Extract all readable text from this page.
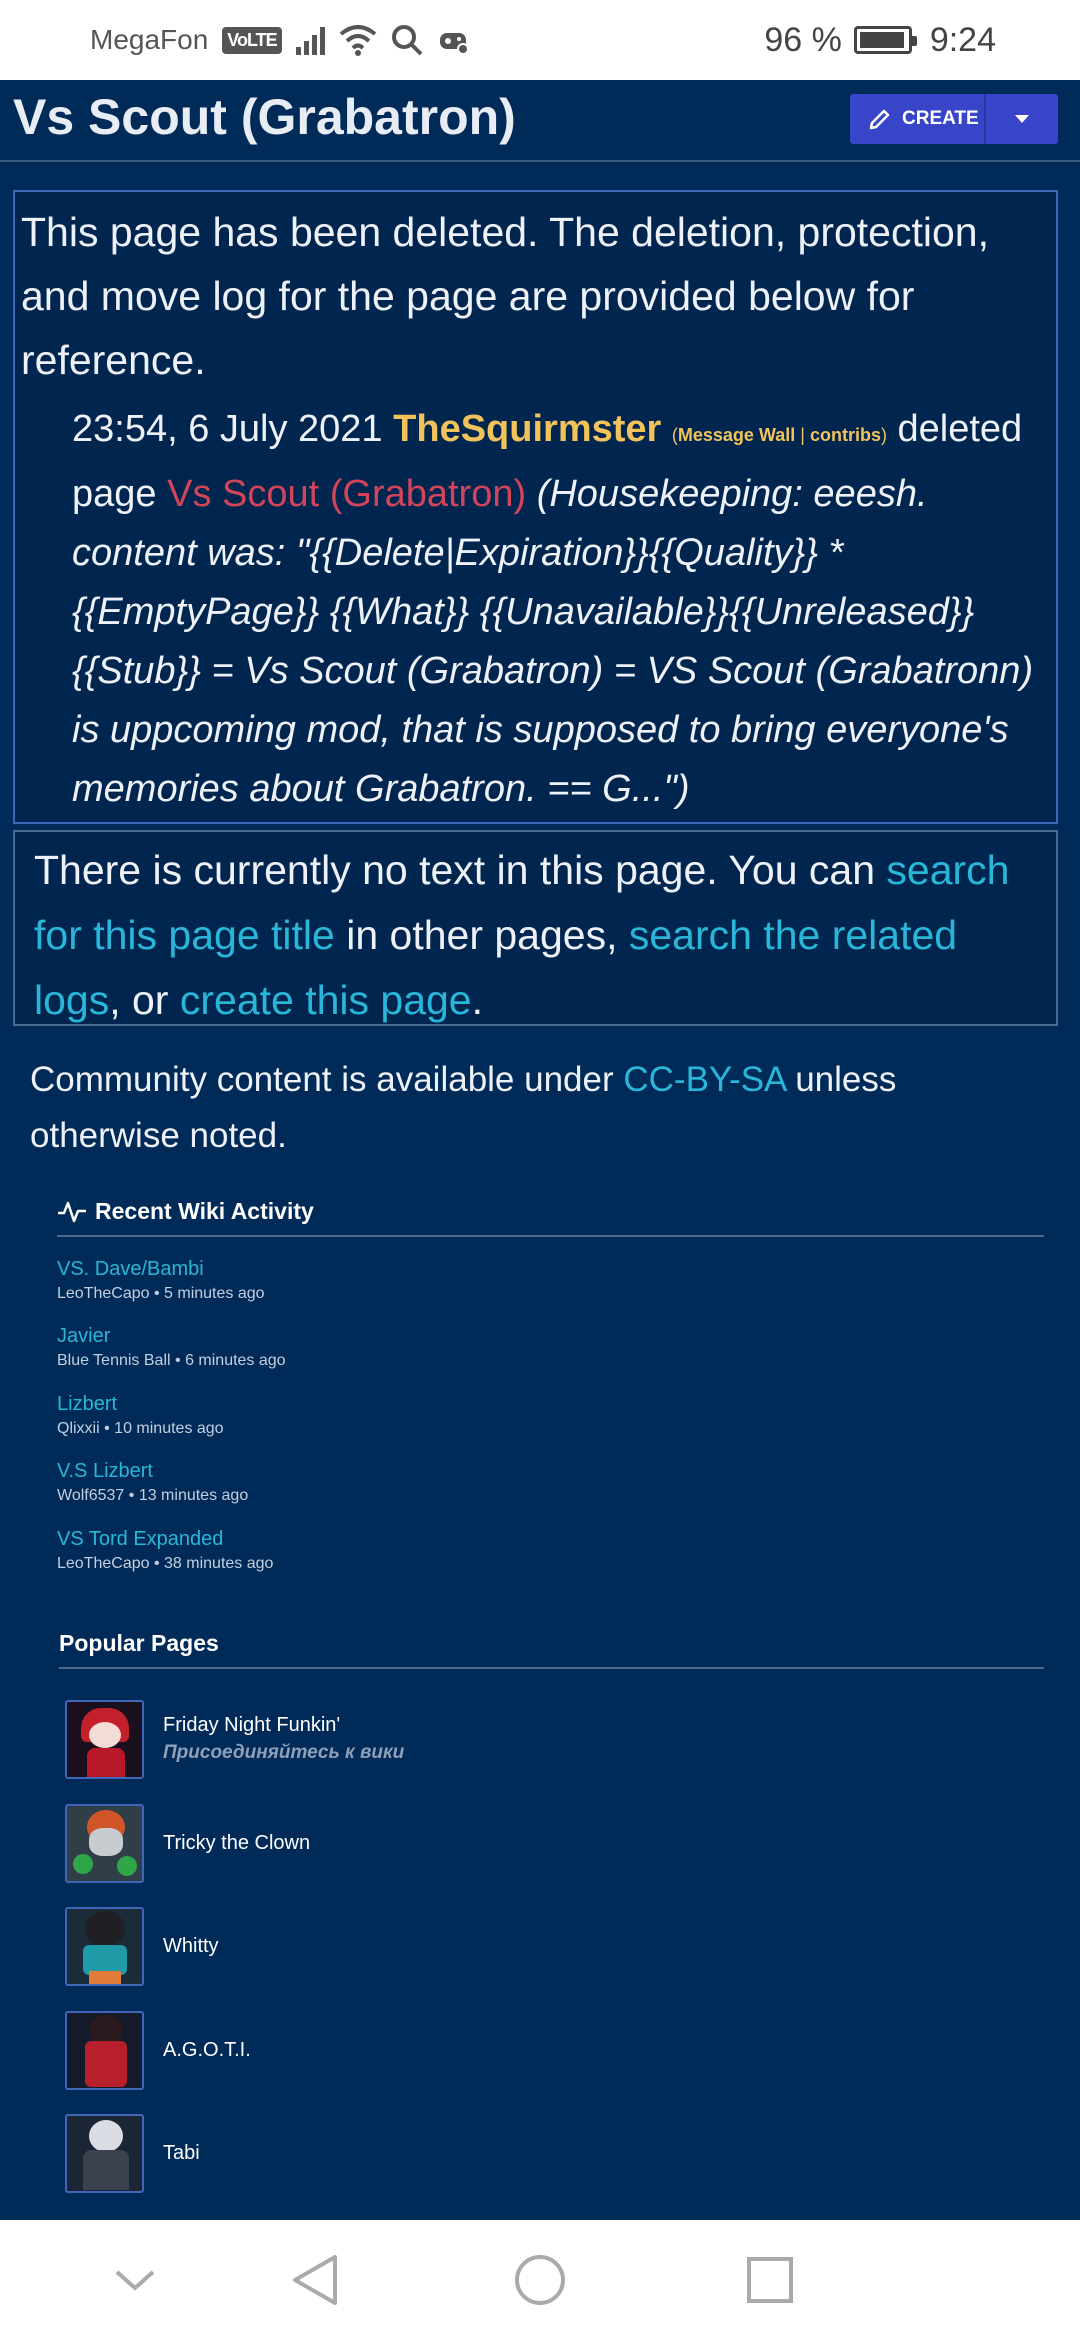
MegaFon VoLTE	96 %	9:24
Vs Scout (Grabatron)	CREATE

This page has been deleted. The deletion, protection, and move log for the page are provided below for reference.

23:54, 6 July 2021 TheSquirmster (Message Wall | contribs) deleted page Vs Scout (Grabatron) (Housekeeping: eeesh. content was: "{{Delete|Expiration}}{{Quality}} * {{EmptyPage}} {{What}} {{Unavailable}}{{Unreleased}} {{Stub}} = Vs Scout (Grabatron) = VS Scout (Grabatronn) is uppcoming mod, that is supposed to bring everyone's memories about Grabatron. == G...")

There is currently no text in this page. You can search for this page title in other pages, search the related logs, or create this page.

Community content is available under CC-BY-SA unless otherwise noted.

Recent Wiki Activity
VS. Dave/Bambi
LeoTheCapo • 5 minutes ago
Javier
Blue Tennis Ball • 6 minutes ago
Lizbert
Qlixxii • 10 minutes ago
V.S Lizbert
Wolf6537 • 13 minutes ago
VS Tord Expanded
LeoTheCapo • 38 minutes ago
Popular Pages
Friday Night Funkin'
Присоединяйтесь к вики
Tricky the Clown
Whitty
A.G.O.T.I.
Tabi
